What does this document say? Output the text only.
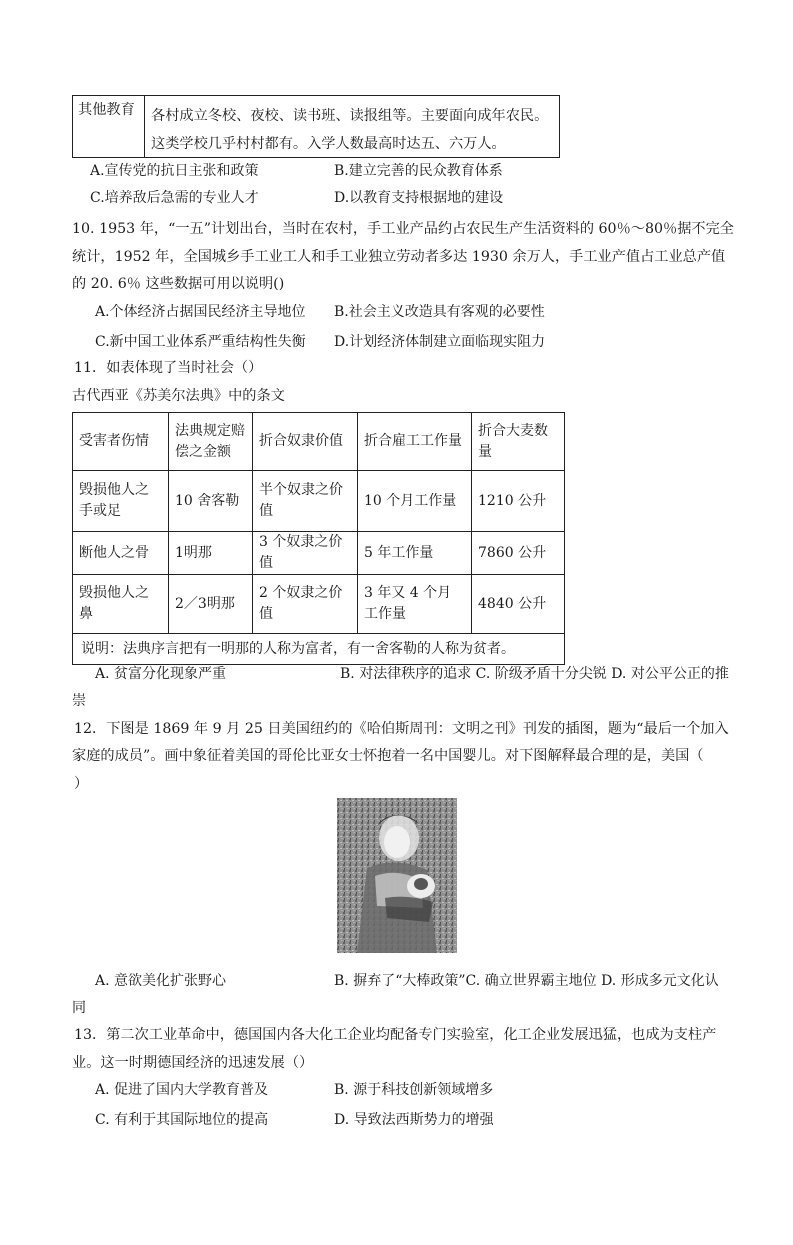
其他教育	各村成立冬校、夜校、读书班、读报组等。主要面向成年农民。这类学校几乎村村都有。入学人数最高时达五、六万人。
A.宣传党的抗日主张和政策	B.建立完善的民众教育体系
C.培养敌后急需的专业人才	D.以教育支持根据地的建设
10. 1953 年，“一五”计划出台，当时在农村，手工业产品约占农民生产生活资料的 60％～80％据不完全
统计，1952 年，全国城乡手工业工人和手工业独立劳动者多达 1930 余万人，手工业产值占工业总产值
的 20. 6％ 这些数据可用以说明()
A.个体经济占据国民经济主导地位 B.社会主义改造具有客观的必要性
C.新中国工业体系严重结构性失衡 D.计划经济体制建立面临现实阻力
11．如表体现了当时社会（）
古代西亚《苏美尔法典》中的条文
受害者伤情	法典规定赔偿之金额	折合奴隶价值	折合雇工工作量	折合大麦数量
毁损他人之手或足	10 舍客勒	半个奴隶之价值	10 个月工作量	1210 公升
断他人之骨	1明那	3 个奴隶之价值	5 年工作量	7860 公升
毁损他人之鼻	2／3明那	2 个奴隶之价值	3 年又 4 个月工作量	4840 公升
说明：法典序言把有一明那的人称为富者，有一舍客勒的人称为贫者。				
A. 贫富分化现象严重	B. 对法律秩序的追求 C. 阶级矛盾十分尖锐 D. 对公平公正的推
崇
12．下图是 1869 年 9 月 25 日美国纽约的《哈伯斯周刊：文明之刊》刊发的插图，题为“最后一个加入
家庭的成员”。画中象征着美国的哥伦比亚女士怀抱着一名中国婴儿。对下图解释最合理的是，美国（
）
A. 意欲美化扩张野心	B. 摒弃了“大棒政策”C. 确立世界霸主地位 D. 形成多元文化认
同
13．第二次工业革命中，德国国内各大化工企业均配备专门实验室，化工企业发展迅猛，也成为支柱产
业。这一时期德国经济的迅速发展（）
A. 促进了国内大学教育普及	B. 源于科技创新领域增多
C. 有利于其国际地位的提高	D. 导致法西斯势力的增强
